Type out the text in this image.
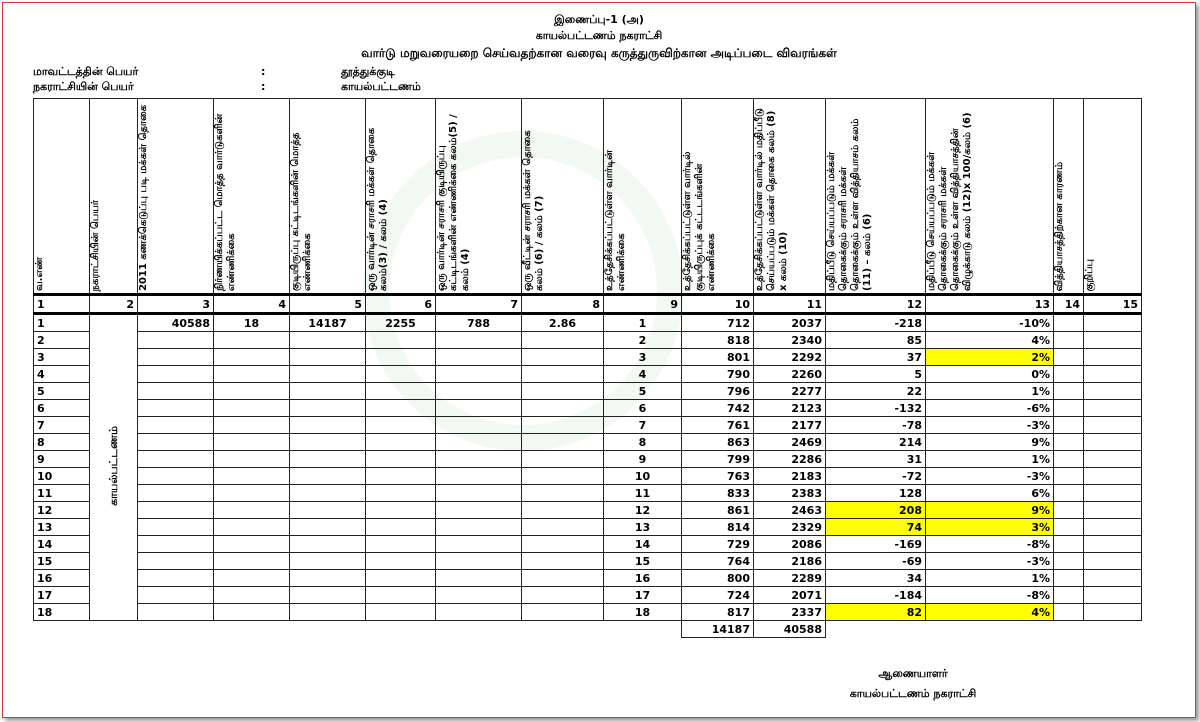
இணைப்பு-1 (அ)
காயல்பட்டணம் நகராட்சி
வார்டு மறுவரையறை செய்வதற்கான வரைவு கருத்துருவிற்கான அடிப்படை விவரங்கள்
மாவட்டத்தின் பெயர்	:	தூத்துக்குடி
நகராட்சியின் பெயர்	:	காயல்பட்டணம்
வ.எண்	நகராட்சியின் பெயர்	2011 கணக்கெடுப்பு படி மக்கள் தொகை	நிர்ணயிக்கப்பட்ட மொத்த வார்டுகளின் எண்ணிக்கை	குடியிருப்பு கட்டிடங்களின் மொத்த எண்ணிக்கை	ஒரு வார்டின் சராசரி மக்கள் தொகை கலம்(3) / கலம் (4)	ஒரு வார்டின் சராசரி குடியிருப்பு கட்டிடங்களின் எண்ணிக்கை கலம்(5) / கலம் (4)	ஒரு வீட்டின் சராசரி மக்கள் தொகை கலம் (6) / கலம் (7)	உத்தேசிக்கப்பட்டுள்ள வார்டின் எண்ணிக்கை	உத்தேசிக்கப்பட்டுள்ள வார்டில் குடியிருப்புக் கட்டடங்களின் எண்ணிக்கை	உத்தேசிக்கப்பட்டுள்ள வார்டில் மதிப்பீடு செய்யப்படும் மக்கள் தொகை கலம் (8) x கலம் (10)	மதிப்பீடு செய்யப்படும் மக்கள் தொகைக்கும் சராசரி மக்கள் தொகைக்கும் உள்ள வித்தியாசம் கலம் (11) – கலம் (6)	மதிப்பீடு செய்யப்படும் மக்கள் தொகைக்கும் சராசரி மக்கள் தொகைக்கும் உள்ள வித்தியாசத்தின் விழுக்காடு கலம் (12)x 100/கலம் (6)	வித்தியாசத்திற்கான காரணம்	குறிப்பு

1	2	3	4	5	6	7	8	9	10	11	12	13	14	15
1	காயல்பட்டணம்	40588	18	14187	2255	788	2.86	1	712	2037	-218	-10%		
2								2	818	2340	85	4%		
3								3	801	2292	37	2%		
4								4	790	2260	5	0%		
5								5	796	2277	22	1%		
6								6	742	2123	-132	-6%		
7								7	761	2177	-78	-3%		
8								8	863	2469	214	9%		
9								9	799	2286	31	1%		
10								10	763	2183	-72	-3%		
11								11	833	2383	128	6%		
12								12	861	2463	208	9%		
13								13	814	2329	74	3%		
14								14	729	2086	-169	-8%		
15								15	764	2186	-69	-3%		
16								16	800	2289	34	1%		
17								17	724	2071	-184	-8%		
18								18	817	2337	82	4%		
									14187	40588				
ஆணையாளர்
காயல்பட்டணம் நகராட்சி
